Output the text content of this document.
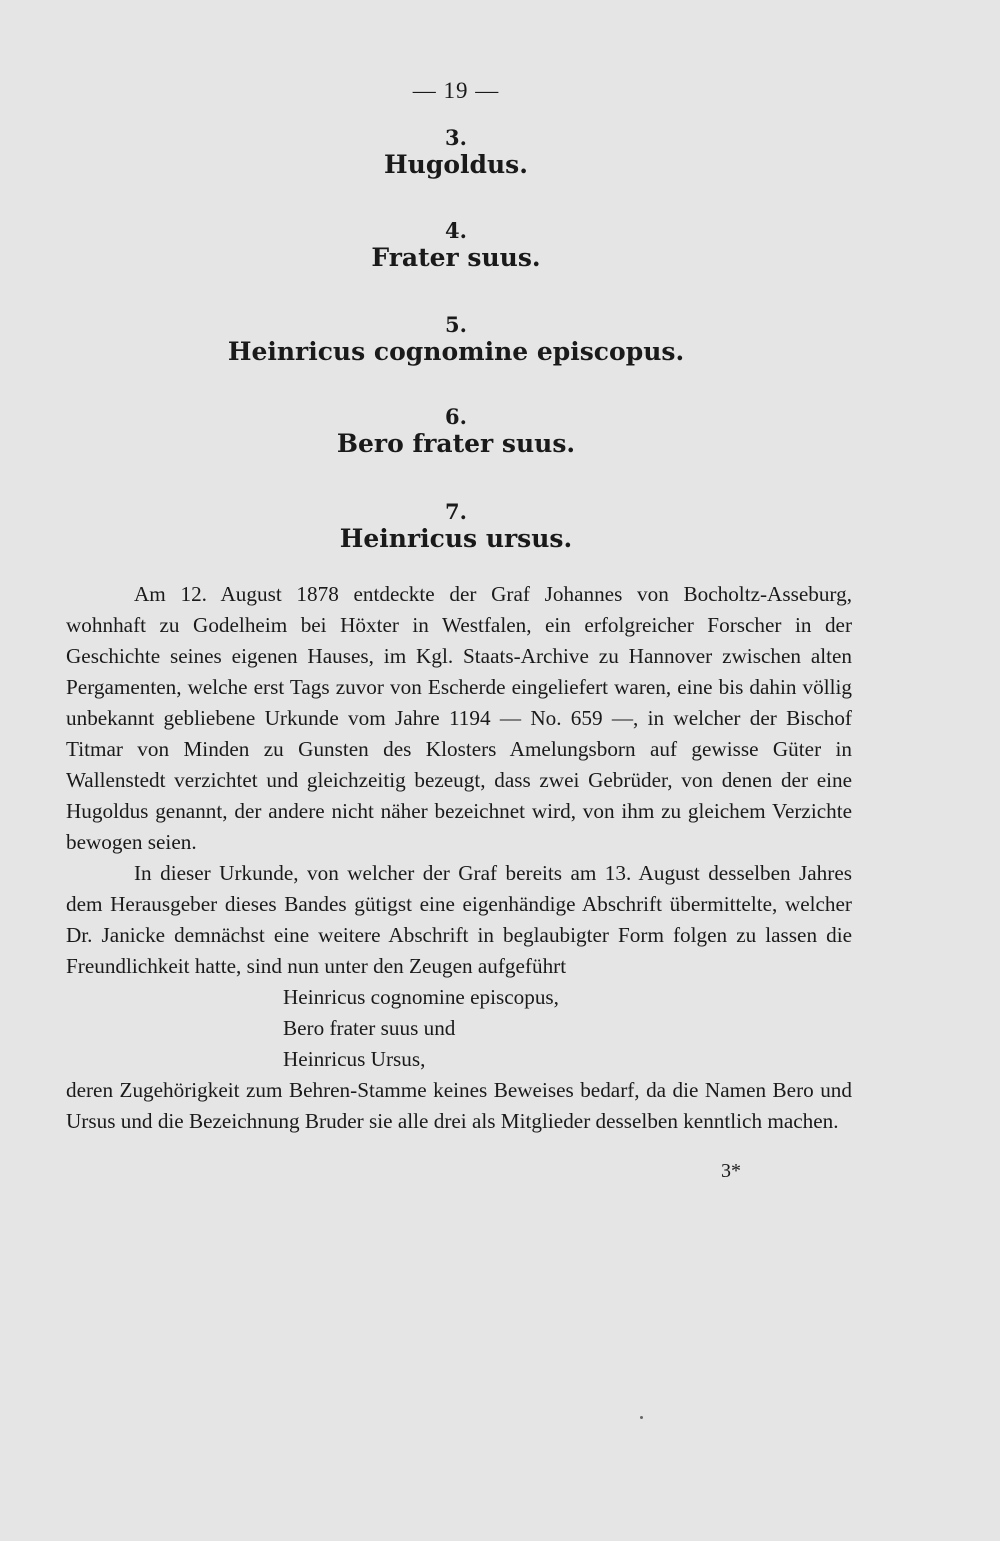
— 19 —
3.
Hugoldus.
4.
Frater suus.
5.
Heinricus cognomine episcopus.
6.
Bero frater suus.
7.
Heinricus ursus.

Am 12. August 1878 entdeckte der Graf Johannes von Bocholtz-Asseburg, wohnhaft zu Godelheim bei Höxter in Westfalen, ein erfolgreicher Forscher in der Geschichte seines eigenen Hauses, im Kgl. Staats-Archive zu Hannover zwischen alten Pergamenten, welche erst Tags zuvor von Escherde eingeliefert waren, eine bis dahin völlig unbekannt gebliebene Urkunde vom Jahre 1194 — No. 659 —, in welcher der Bischof Titmar von Minden zu Gunsten des Klosters Amelungsborn auf gewisse Güter in Wallenstedt verzichtet und gleichzeitig bezeugt, dass zwei Gebrüder, von denen der eine Hugoldus genannt, der andere nicht näher bezeichnet wird, von ihm zu gleichem Verzichte bewogen seien.

In dieser Urkunde, von welcher der Graf bereits am 13. August desselben Jahres dem Herausgeber dieses Bandes gütigst eine eigenhändige Abschrift übermittelte, welcher Dr. Janicke demnächst eine weitere Abschrift in beglaubigter Form folgen zu lassen die Freundlichkeit hatte, sind nun unter den Zeugen aufgeführt

Heinricus cognomine episcopus,
Bero frater suus und
Heinricus Ursus,

deren Zugehörigkeit zum Behren-Stamme keines Beweises bedarf, da die Namen Bero und Ursus und die Bezeichnung Bruder sie alle drei als Mitglieder desselben kenntlich machen.

3*
